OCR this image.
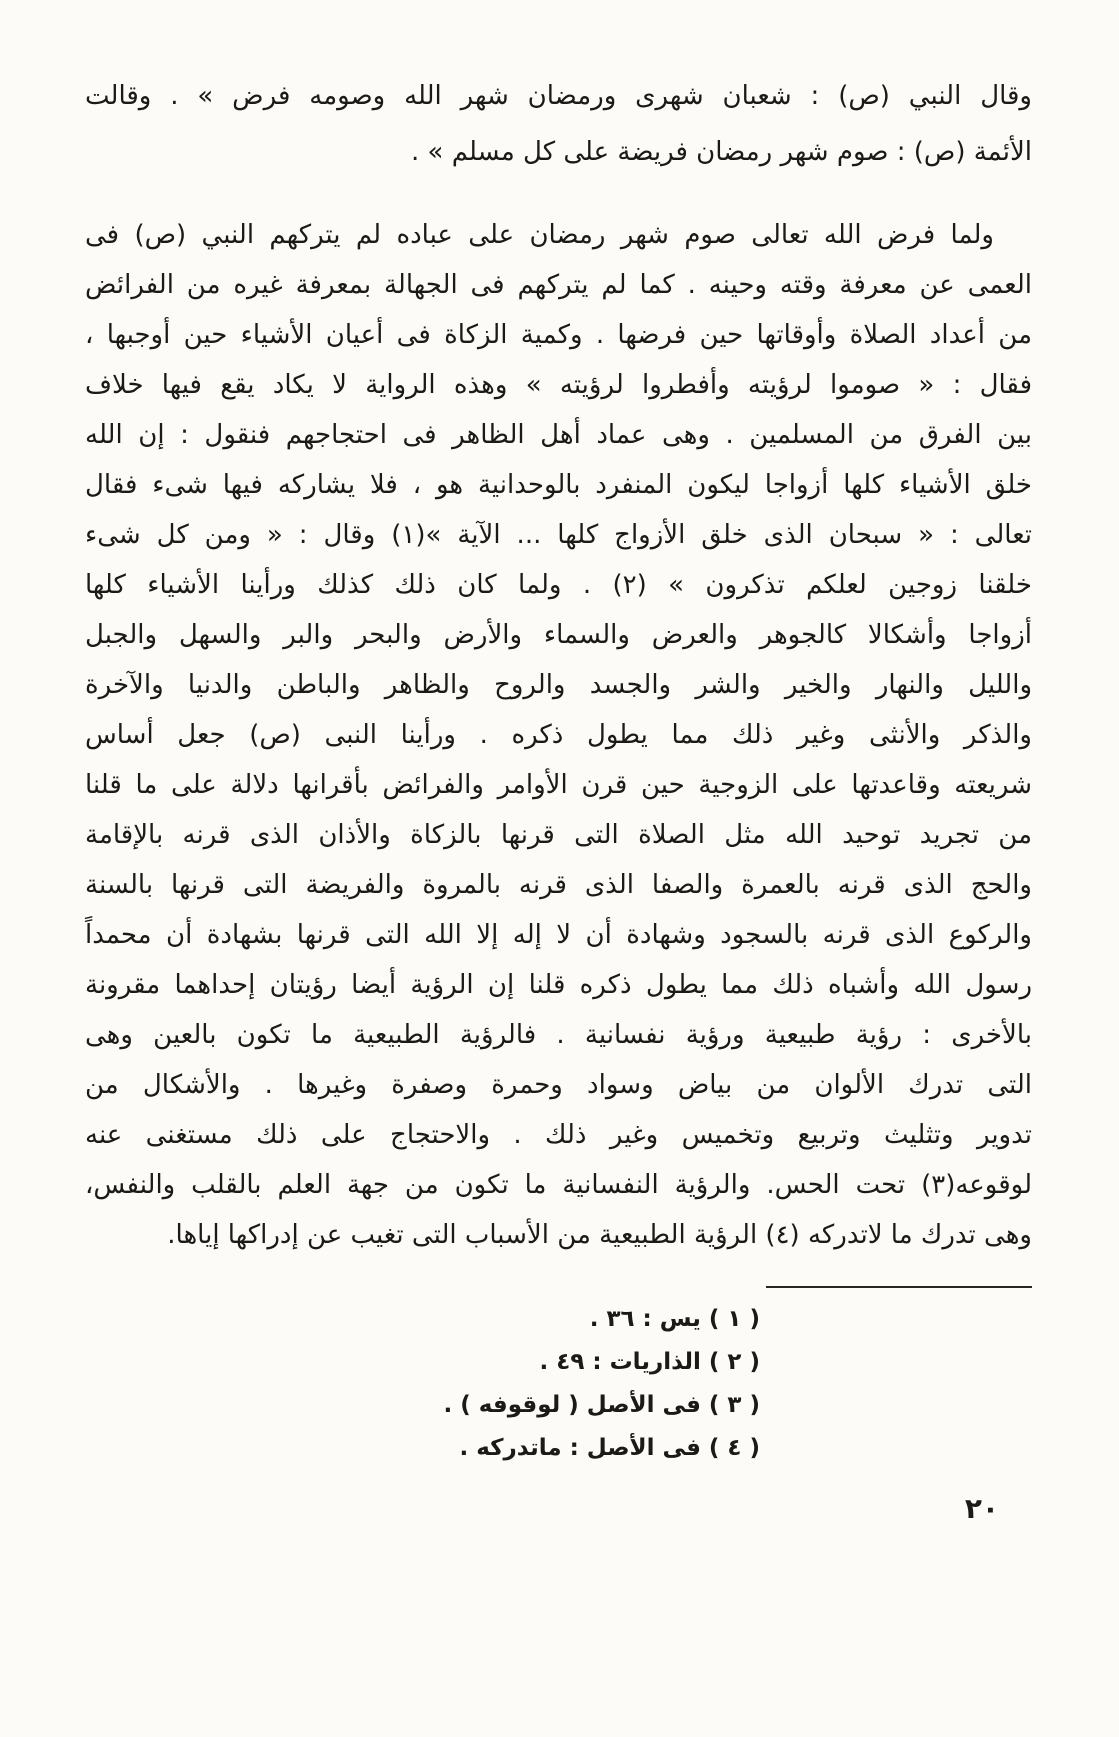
وقال النبي (ص) : شعبان شهرى ورمضان شهر الله وصومه فرض » . وقالت
الأئمة (ص) : صوم شهر رمضان فريضة على كل مسلم » .
ولما فرض الله تعالى صوم شهر رمضان على عباده لم يتركهم النبي (ص) فى
العمى عن معرفة وقته وحينه . كما لم يتركهم فى الجهالة بمعرفة غيره من الفرائض
من أعداد الصلاة وأوقاتها حين فرضها . وكمية الزكاة فى أعيان الأشياء حين أوجبها ،
فقال : « صوموا لرؤيته وأفطروا لرؤيته » وهذه الرواية لا يكاد يقع فيها خلاف
بين الفرق من المسلمين . وهى عماد أهل الظاهر فى احتجاجهم فنقول : إن الله
خلق الأشياء كلها أزواجا ليكون المنفرد بالوحدانية هو ، فلا يشاركه فيها شىء فقال
تعالى : « سبحان الذى خلق الأزواج كلها ... الآية »(١) وقال : « ومن كل شىء
خلقنا زوجين لعلكم تذكرون » (٢) . ولما كان ذلك كذلك ورأينا الأشياء كلها
أزواجا وأشكالا كالجوهر والعرض والسماء والأرض والبحر والبر والسهل والجبل
والليل والنهار والخير والشر والجسد والروح والظاهر والباطن والدنيا والآخرة
والذكر والأنثى وغير ذلك مما يطول ذكره . ورأينا النبى (ص) جعل أساس
شريعته وقاعدتها على الزوجية حين قرن الأوامر والفرائض بأقرانها دلالة على ما قلنا
من تجريد توحيد الله مثل الصلاة التى قرنها بالزكاة والأذان الذى قرنه بالإقامة
والحج الذى قرنه بالعمرة والصفا الذى قرنه بالمروة والفريضة التى قرنها بالسنة
والركوع الذى قرنه بالسجود وشهادة أن لا إله إلا الله التى قرنها بشهادة أن محمداً
رسول الله وأشباه ذلك مما يطول ذكره قلنا إن الرؤية أيضا رؤيتان إحداهما مقرونة
بالأخرى : رؤية طبيعية ورؤية نفسانية . فالرؤية الطبيعية ما تكون بالعين وهى
التى تدرك الألوان من بياض وسواد وحمرة وصفرة وغيرها . والأشكال من
تدوير وتثليث وتربيع وتخميس وغير ذلك . والاحتجاج على ذلك مستغنى عنه
لوقوعه(٣) تحت الحس. والرؤية النفسانية ما تكون من جهة العلم بالقلب والنفس،
وهى تدرك ما لاتدركه (٤) الرؤية الطبيعية من الأسباب التى تغيب عن إدراكها إياها.
( ١ ) يس : ٣٦ .
( ٢ ) الذاريات : ٤٩ .
( ٣ ) فى الأصل ( لوقوفه ) .
( ٤ ) فى الأصل : ماتدركه .
٢٠
